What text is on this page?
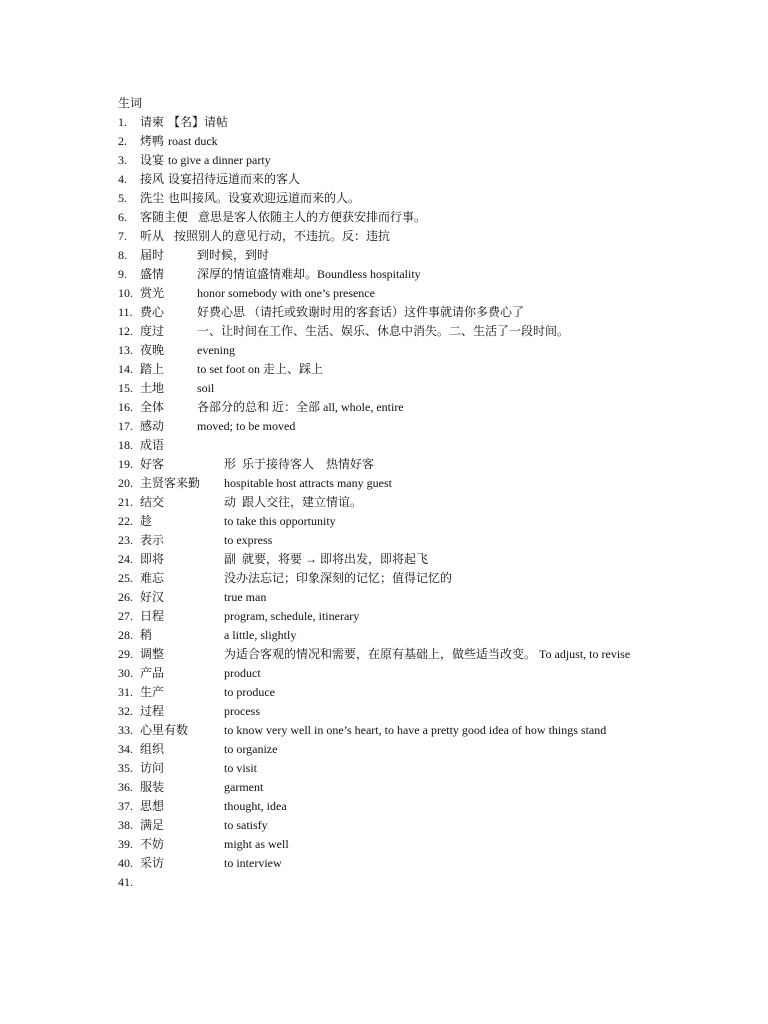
生词
1.	请柬 【名】请帖
2.	烤鸭 roast duck
3.	设宴 to give a dinner party
4.	接风 设宴招待远道而来的客人
5.	洗尘 也叫接风。设宴欢迎远道而来的人。
6.	客随主便  意思是客人依随主人的方便获安排而行事。
7.	听从  按照别人的意见行动，不违抗。反：违抗
8.	届时	到时候，到时
9.	盛情	深厚的情谊盛情难却。Boundless hospitality
10. 赏光	honor somebody with one’s presence
11. 费心	好费心思 （请托或致谢时用的客套话）这件事就请你多费心了
12. 度过	一、让时间在工作、生活、娱乐、休息中消失。二、生活了一段时间。
13. 夜晚	evening
14. 踏上	to set foot on 走上、踩上
15. 土地	soil
16. 全体	各部分的总和 近：全部 all, whole, entire
17. 感动	moved; to be moved
18. 成语
19. 好客	形  乐于接待客人    热情好客
20. 主贤客来勤 hospitable host attracts many guest
21. 结交	动  跟人交往，建立情谊。
22. 趁	to take this opportunity
23. 表示	to express
24. 即将	副  就要，将要 → 即将出发，即将起飞
25. 难忘	没办法忘记；印象深刻的记忆；值得记忆的
26. 好汉	true man
27. 日程	program, schedule, itinerary
28. 稍	a little, slightly
29. 调整	为适合客观的情况和需要，在原有基础上，做些适当改变。 To adjust, to revise
30. 产品	product
31. 生产	to produce
32. 过程	process
33. 心里有数	to know very well in one’s heart, to have a pretty good idea of how things stand
34. 组织	to organize
35. 访问	to visit
36. 服装	garment
37. 思想	thought, idea
38. 满足	to satisfy
39. 不妨	might as well
40. 采访	to interview
41.
